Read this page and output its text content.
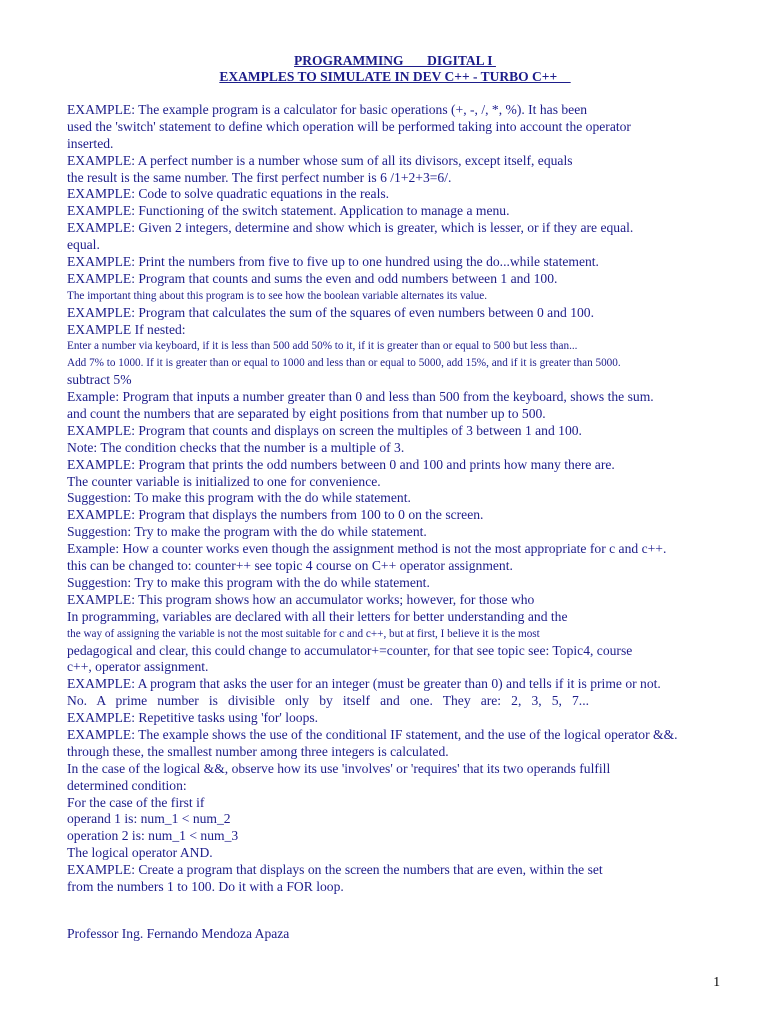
PROGRAMMING       DIGITAL I
EXAMPLES TO SIMULATE IN DEV C++ - TURBO C++
EXAMPLE: The example program is a calculator for basic operations (+, -, /, *, %). It has been
used the 'switch' statement to define which operation will be performed taking into account the operator
inserted.
EXAMPLE: A perfect number is a number whose sum of all its divisors, except itself, equals
the result is the same number. The first perfect number is 6 /1+2+3=6/.
EXAMPLE: Code to solve quadratic equations in the reals.
EXAMPLE: Functioning of the switch statement. Application to manage a menu.
EXAMPLE: Given 2 integers, determine and show which is greater, which is lesser, or if they are equal.
equal.
EXAMPLE: Print the numbers from five to five up to one hundred using the do...while statement.
EXAMPLE: Program that counts and sums the even and odd numbers between 1 and 100.
The important thing about this program is to see how the boolean variable alternates its value.
EXAMPLE: Program that calculates the sum of the squares of even numbers between 0 and 100.
EXAMPLE If nested:
Enter a number via keyboard, if it is less than 500 add 50% to it, if it is greater than or equal to 500 but less than...
Add 7% to 1000. If it is greater than or equal to 1000 and less than or equal to 5000, add 15%, and if it is greater than 5000.
subtract 5%
Example: Program that inputs a number greater than 0 and less than 500 from the keyboard, shows the sum.
and count the numbers that are separated by eight positions from that number up to 500.
EXAMPLE: Program that counts and displays on screen the multiples of 3 between 1 and 100.
Note: The condition checks that the number is a multiple of 3.
EXAMPLE: Program that prints the odd numbers between 0 and 100 and prints how many there are.
The counter variable is initialized to one for convenience.
Suggestion: To make this program with the do while statement.
EXAMPLE: Program that displays the numbers from 100 to 0 on the screen.
Suggestion: Try to make the program with the do while statement.
Example: How a counter works even though the assignment method is not the most appropriate for c and c++.
this can be changed to: counter++ see topic 4 course on C++ operator assignment.
Suggestion: Try to make this program with the do while statement.
EXAMPLE: This program shows how an accumulator works; however, for those who
In programming, variables are declared with all their letters for better understanding and the
the way of assigning the variable is not the most suitable for c and c++, but at first, I believe it is the most
pedagogical and clear, this could change to accumulator+=counter, for that see topic see: Topic4, course
c++, operator assignment.
EXAMPLE: A program that asks the user for an integer (must be greater than 0) and tells if it is prime or not.
No. A prime number is divisible only by itself and one. They are: 2, 3, 5, 7...
EXAMPLE: Repetitive tasks using 'for' loops.
EXAMPLE: The example shows the use of the conditional IF statement, and the use of the logical operator &&.
through these, the smallest number among three integers is calculated.
In the case of the logical &&, observe how its use 'involves' or 'requires' that its two operands fulfill
determined condition:
For the case of the first if
operand 1 is: num_1 < num_2
operation 2 is: num_1 < num_3
The logical operator AND.
EXAMPLE: Create a program that displays on the screen the numbers that are even, within the set
from the numbers 1 to 100. Do it with a FOR loop.
Professor Ing. Fernando Mendoza Apaza
1
